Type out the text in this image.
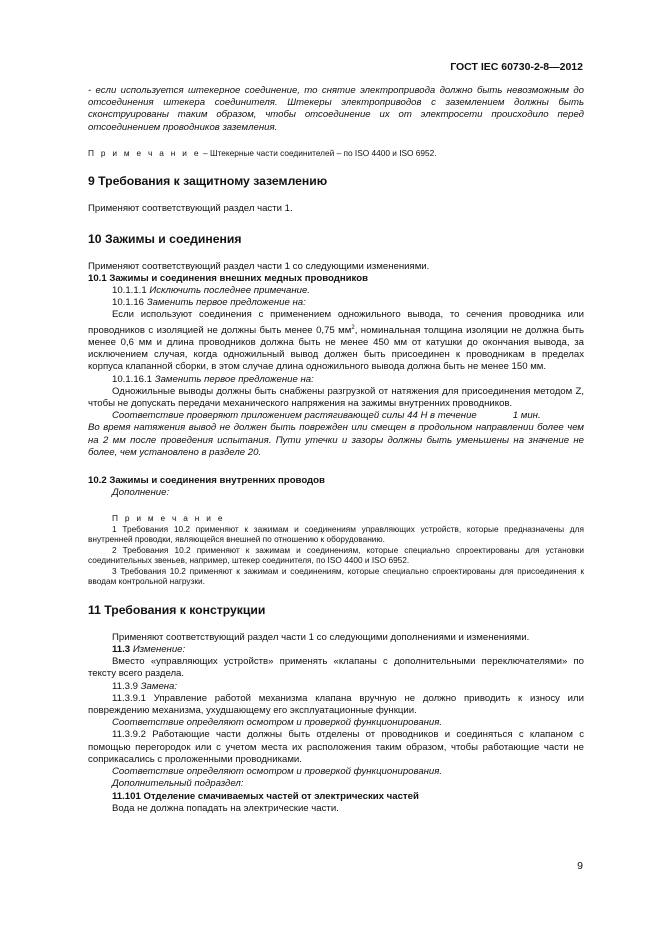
ГОСТ IEC 60730-2-8—2012

- если используется штекерное соединение, то снятие электропривода должно быть невозможным до отсоединения штекера соединителя. Штекеры электроприводов с заземлением должны быть сконструированы таким образом, чтобы отсоединение их от электросети происходило перед отсоединением проводников заземления.

П р и м е ч а н и е – Штекерные части соединителей – по ISO 4400 и ISO 6952.

9 Требования к защитному заземлению

Применяют соответствующий раздел части 1.

10 Зажимы и соединения

Применяют соответствующий раздел части 1 со следующими изменениями.

10.1 Зажимы и соединения внешних медных проводников

10.1.1.1 Исключить последнее примечание.

10.1.16 Заменить первое предложение на:

Если используют соединения с применением одножильного вывода, то сечения проводника или проводников с изоляцией не должны быть менее 0,75 $мм^2$, номинальная толщина изоляции не должна быть менее 0,6 мм и длина проводников должна быть не менее 450 мм от катушки до окончания вывода, за исключением случая, когда одножильный вывод должен быть присоединен к проводникам в пределах корпуса клапанной сборки, в этом случае длина одножильного вывода должна быть не менее 150 мм.

10.1.16.1 Заменить первое предложение на:

Одножильные выводы должны быть снабжены разгрузкой от натяжения для присоединения методом Z, чтобы не допускать передачи механического напряжения на зажимы внутренних проводников.

Соответствие проверяют приложением растягивающей силы 44 Н в течение	1 мин.

Во время натяжения вывод не должен быть поврежден или смещен в продольном направлении более чем на 2 мм после проведения испытания. Пути утечки и зазоры должны быть уменьшены на значение не более, чем установлено в разделе 20.

10.2 Зажимы и соединения внутренних проводов

Дополнение:

П р и м е ч а н и е

1 Требования 10.2 применяют к зажимам и соединениям управляющих устройств, которые предназначены для внутренней проводки, являющейся внешней по отношению к оборудованию.

2 Требования 10.2 применяют к зажимам и соединениям, которые специально спроектированы для установки соединительных звеньев, например, штекер соединителя, по ISO 4400 и ISO 6952.

3 Требования 10.2 применяют к зажимам и соединениям, которые специально спроектированы для присоединения к вводам контрольной нагрузки.

11 Требования к конструкции

Применяют соответствующий раздел части 1 со следующими дополнениями и изменениями.

11.3 Изменение:

Вместо «управляющих устройств» применять «клапаны с дополнительными переключателями» по тексту всего раздела.

11.3.9 Замена:

11.3.9.1 Управление работой механизма клапана вручную не должно приводить к износу или повреждению механизма, ухудшающему его эксплуатационные функции.

Соответствие определяют осмотром и проверкой функционирования.

11.3.9.2 Работающие части должны быть отделены от проводников и соединяться с клапаном с помощью перегородок или с учетом места их расположения таким образом, чтобы работающие части не соприкасались с проложенными проводниками.

Соответствие определяют осмотром и проверкой функционирования.

Дополнительный подраздел:

11.101 Отделение смачиваемых частей от электрических частей

Вода не должна попадать на электрические части.

9
